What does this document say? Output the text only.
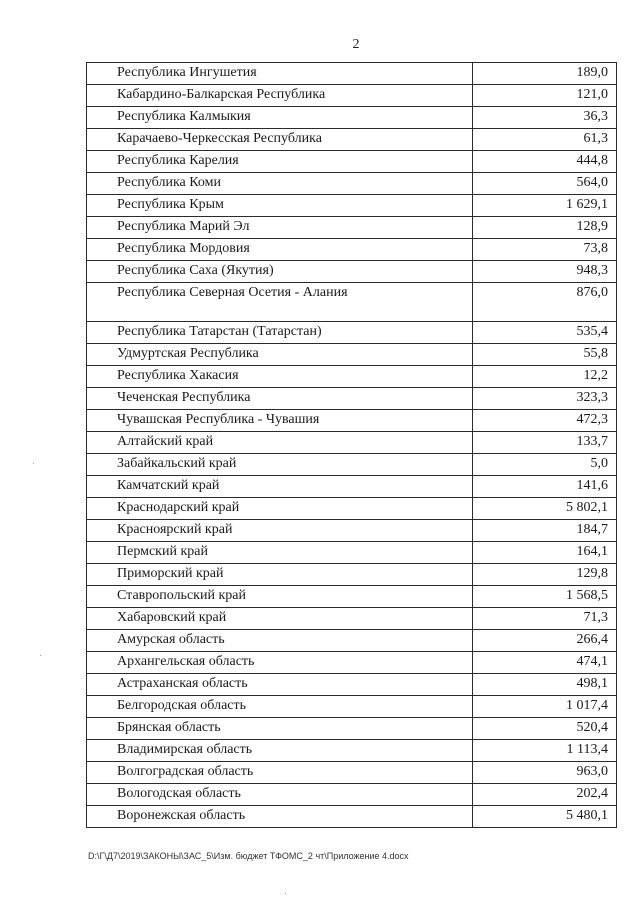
2
Республика Ингушетия	189,0
Кабардино-Балкарская Республика	121,0
Республика Калмыкия	36,3
Карачаево-Черкесская Республика	61,3
Республика Карелия	444,8
Республика Коми	564,0
Республика Крым	1 629,1
Республика Марий Эл	128,9
Республика Мордовия	73,8
Республика Саха (Якутия)	948,3
Республика Северная Осетия - Алания	876,0
Республика Татарстан (Татарстан)	535,4
Удмуртская Республика	55,8
Республика Хакасия	12,2
Чеченская Республика	323,3
Чувашская Республика - Чувашия	472,3
Алтайский край	133,7
Забайкальский край	5,0
Камчатский край	141,6
Краснодарский край	5 802,1
Красноярский край	184,7
Пермский край	164,1
Приморский край	129,8
Ставропольский край	1 568,5
Хабаровский край	71,3
Амурская область	266,4
Архангельская область	474,1
Астраханская область	498,1
Белгородская область	1 017,4
Брянская область	520,4
Владимирская область	1 113,4
Волгоградская область	963,0
Вологодская область	202,4
Воронежская область	5 480,1
D:\Г\Д7\2019\ЗАКОНЫ\ЗАС_5\Изм. бюджет ТФОМС_2 чт\Приложение 4.docx
